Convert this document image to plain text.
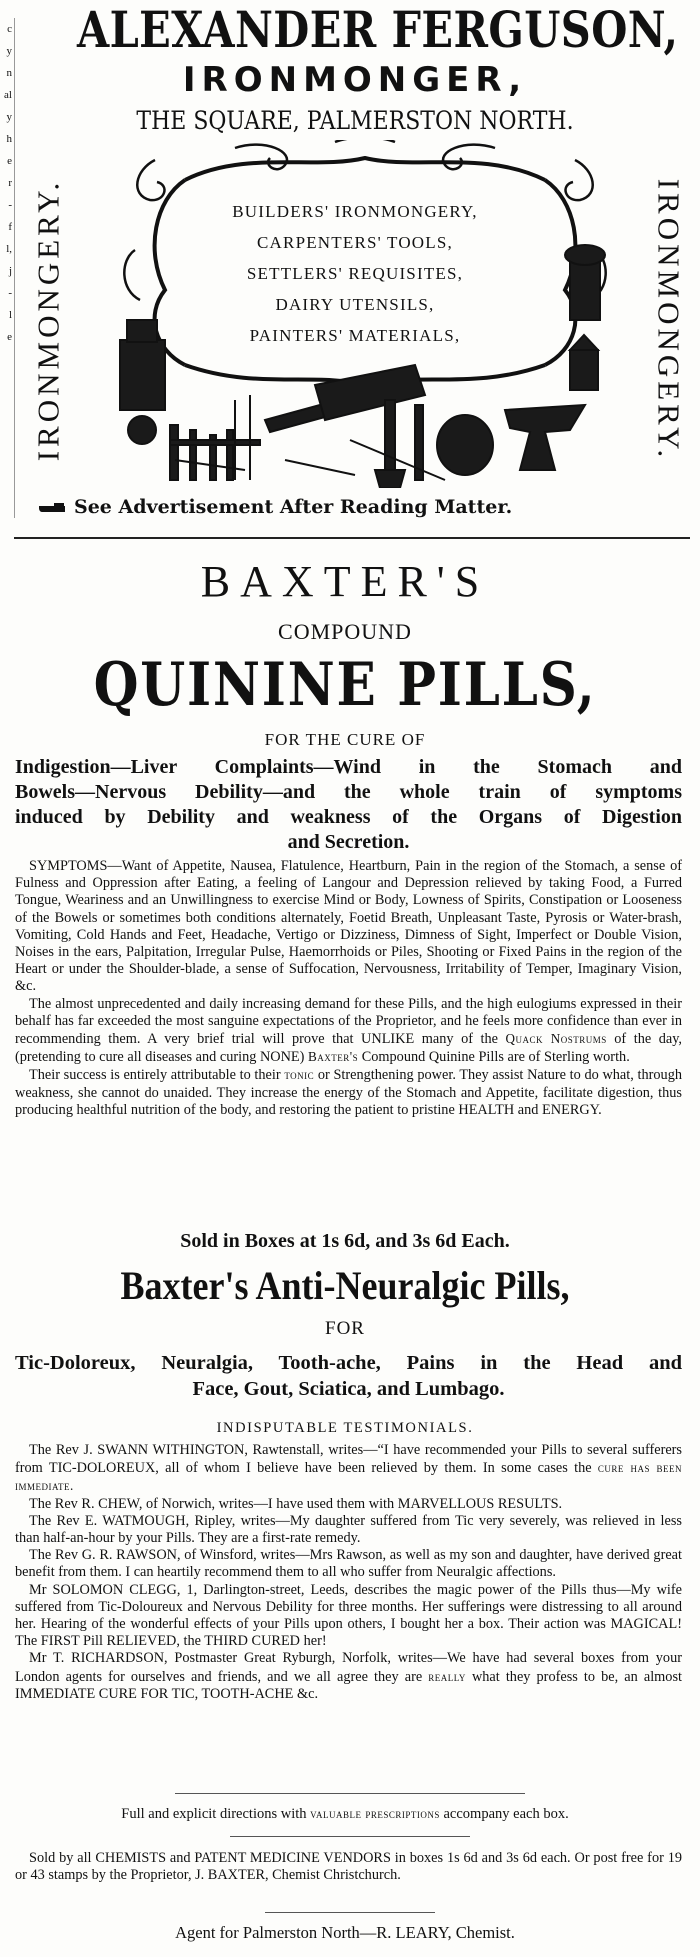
c
y
n
al
y
h
e
r
-
f
l,
j
-
l
e
ALEXANDER FERGUSON,
IRONMONGER,
THE SQUARE, PALMERSTON NORTH.
IRONMONGERY.	IRONMONGERY.
BUILDERS' IRONMONGERY,
CARPENTERS' TOOLS,
SETTLERS' REQUISITES,
DAIRY UTENSILS,
PAINTERS' MATERIALS,
See Advertisement After Reading Matter.
BAXTER'S
COMPOUND
QUININE PILLS,
FOR THE CURE OF
Indigestion—Liver Complaints—Wind in the Stomach and
Bowels—Nervous Debility—and the whole train of symptoms
induced by Debility and weakness of the Organs of Digestion
and Secretion.
SYMPTOMS—Want of Appetite, Nausea, Flatulence, Heartburn, Pain in the region of the Stomach, a sense of Fulness and Oppression after Eating, a feeling of Langour and Depression relieved by taking Food, a Furred Tongue, Weariness and an Unwillingness to exercise Mind or Body, Lowness of Spirits, Constipation or Looseness of the Bowels or sometimes both conditions alternately, Foetid Breath, Unpleasant Taste, Pyrosis or Water-brash, Vomiting, Cold Hands and Feet, Headache, Vertigo or Dizziness, Dimness of Sight, Imperfect or Double Vision, Noises in the ears, Palpitation, Irregular Pulse, Haemorrhoids or Piles, Shooting or Fixed Pains in the region of the Heart or under the Shoulder-blade, a sense of Suffocation, Nervousness, Irritability of Temper, Imaginary Vision, &c.
The almost unprecedented and daily increasing demand for these Pills, and the high eulogiums expressed in their behalf has far exceeded the most sanguine expectations of the Proprietor, and he feels more confidence than ever in recommending them. A very brief trial will prove that UNLIKE many of the Quack Nostrums of the day, (pretending to cure all diseases and curing NONE) Baxter's Compound Quinine Pills are of Sterling worth.
Their success is entirely attributable to their tonic or Strengthening power. They assist Nature to do what, through weakness, she cannot do unaided. They increase the energy of the Stomach and Appetite, facilitate digestion, thus producing healthful nutrition of the body, and restoring the patient to pristine HEALTH and ENERGY.
Sold in Boxes at 1s 6d, and 3s 6d Each.
Baxter's Anti-Neuralgic Pills,
FOR
Tic-Doloreux, Neuralgia, Tooth-ache, Pains in the Head and
Face, Gout, Sciatica, and Lumbago.
INDISPUTABLE TESTIMONIALS.
The Rev J. SWANN WITHINGTON, Rawtenstall, writes—“I have recommended your Pills to several sufferers from TIC-DOLOREUX, all of whom I believe have been relieved by them. In some cases the cure has been immediate.
The Rev R. CHEW, of Norwich, writes—I have used them with MARVELLOUS RESULTS.
The Rev E. WATMOUGH, Ripley, writes—My daughter suffered from Tic very severely, was relieved in less than half-an-hour by your Pills. They are a first-rate remedy.
The Rev G. R. RAWSON, of Winsford, writes—Mrs Rawson, as well as my son and daughter, have derived great benefit from them. I can heartily recommend them to all who suffer from Neuralgic affections.
Mr SOLOMON CLEGG, 1, Darlington-street, Leeds, describes the magic power of the Pills thus—My wife suffered from Tic-Doloureux and Nervous Debility for three months. Her sufferings were distressing to all around her. Hearing of the wonderful effects of your Pills upon others, I bought her a box. Their action was MAGICAL! The FIRST Pill RELIEVED, the THIRD CURED her!
Mr T. RICHARDSON, Postmaster Great Ryburgh, Norfolk, writes—We have had several boxes from your London agents for ourselves and friends, and we all agree they are really what they profess to be, an almost IMMEDIATE CURE FOR TIC, TOOTH-ACHE &c.
Full and explicit directions with valuable prescriptions accompany each box.
Sold by all CHEMISTS and PATENT MEDICINE VENDORS in boxes 1s 6d and 3s 6d each. Or post free for 19 or 43 stamps by the Proprietor, J. BAXTER, Chemist Christchurch.
Agent for Palmerston North—R. LEARY, Chemist.
